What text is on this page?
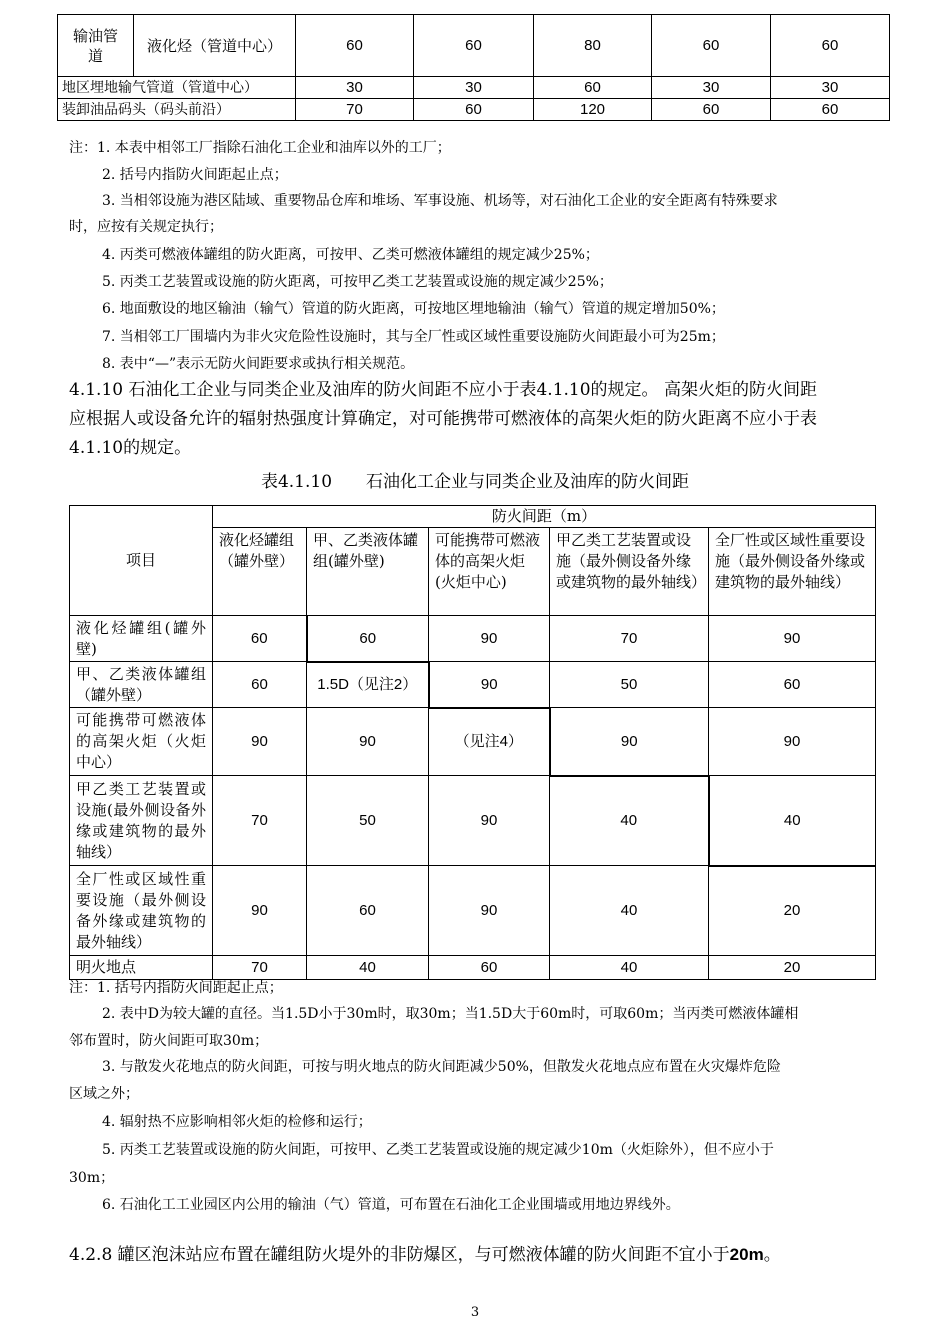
输油管道	液化烃（管道中心）	60	60	80	60	60
地区埋地输气管道（管道中心）		30	30	60	30	30
装卸油品码头（码头前沿）		70	60	120	60	60
注：1. 本表中相邻工厂指除石油化工企业和油库以外的工厂；
2. 括号内指防火间距起止点；
3. 当相邻设施为港区陆域、重要物品仓库和堆场、军事设施、机场等，对石油化工企业的安全距离有特殊要求
时，应按有关规定执行；
4. 丙类可燃液体罐组的防火距离，可按甲、乙类可燃液体罐组的规定减少25%；
5. 丙类工艺装置或设施的防火距离，可按甲乙类工艺装置或设施的规定减少25%；
6. 地面敷设的地区输油（输气）管道的防火距离，可按地区埋地输油（输气）管道的规定增加50%；
7. 当相邻工厂围墙内为非火灾危险性设施时，其与全厂性或区域性重要设施防火间距最小可为25m；
8. 表中“—”表示无防火间距要求或执行相关规范。
4.1.10 石油化工企业与同类企业及油库的防火间距不应小于表4.1.10的规定。 高架火炬的防火间距
应根据人或设备允许的辐射热强度计算确定，对可能携带可燃液体的高架火炬的防火距离不应小于表
4.1.10的规定。
表4.1.10　　石油化工企业与同类企业及油库的防火间距
项目	防火间距（m）				
	液化烃罐组（罐外壁）	甲、乙类液体罐组(罐外壁)	可能携带可燃液体的高架火炬(火炬中心)	甲乙类工艺装置或设施（最外侧设备外缘或建筑物的最外轴线）	全厂性或区域性重要设施（最外侧设备外缘或建筑物的最外轴线）
液化烃罐组(罐外壁)	60	60	90	70	90
甲、乙类液体罐组（罐外壁）	60	1.5D（见注2）	90	50	60
可能携带可燃液体的高架火炬（火炬中心）	90	90	（见注4）	90	90
甲乙类工艺装置或设施(最外侧设备外缘或建筑物的最外轴线）	70	50	90	40	40
全厂性或区域性重要设施（最外侧设备外缘或建筑物的最外轴线）	90	60	90	40	20
明火地点	70	40	60	40	20
注：1. 括号内指防火间距起止点；
2. 表中D为较大罐的直径。当1.5D小于30m时，取30m；当1.5D大于60m时，可取60m；当丙类可燃液体罐相
邻布置时，防火间距可取30m；
3. 与散发火花地点的防火间距，可按与明火地点的防火间距减少50%，但散发火花地点应布置在火灾爆炸危险
区域之外；
4. 辐射热不应影响相邻火炬的检修和运行；
5. 丙类工艺装置或设施的防火间距，可按甲、乙类工艺装置或设施的规定减少10m（火炬除外），但不应小于
30m；
6. 石油化工工业园区内公用的输油（气）管道，可布置在石油化工企业围墙或用地边界线外。
4.2.8 罐区泡沫站应布置在罐组防火堤外的非防爆区，与可燃液体罐的防火间距不宜小于20m。
3
